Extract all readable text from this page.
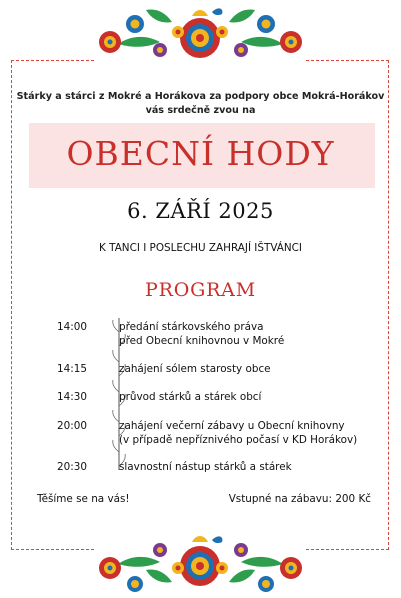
Stárky a stárci z Mokré a Horákova za podpory obce Mokrá-Horákov
vás srdečně zvou na
OBECNÍ HODY
6. ZÁŘÍ 2025
K TANCI I POSLECHU ZAHRAJÍ IŠTVÁNCI
PROGRAM
14:00	předání stárkovského práva
před Obecní knihovnou v Mokré
14:15	zahájení sólem starosty obce
14:30	průvod stárků a stárek obcí
20:00	zahájení večerní zábavy u Obecní knihovny
(v případě nepříznivého počasí v KD Horákov)
20:30	slavnostní nástup stárků a stárek
Těšíme se na vás!	Vstupné na zábavu: 200 Kč
